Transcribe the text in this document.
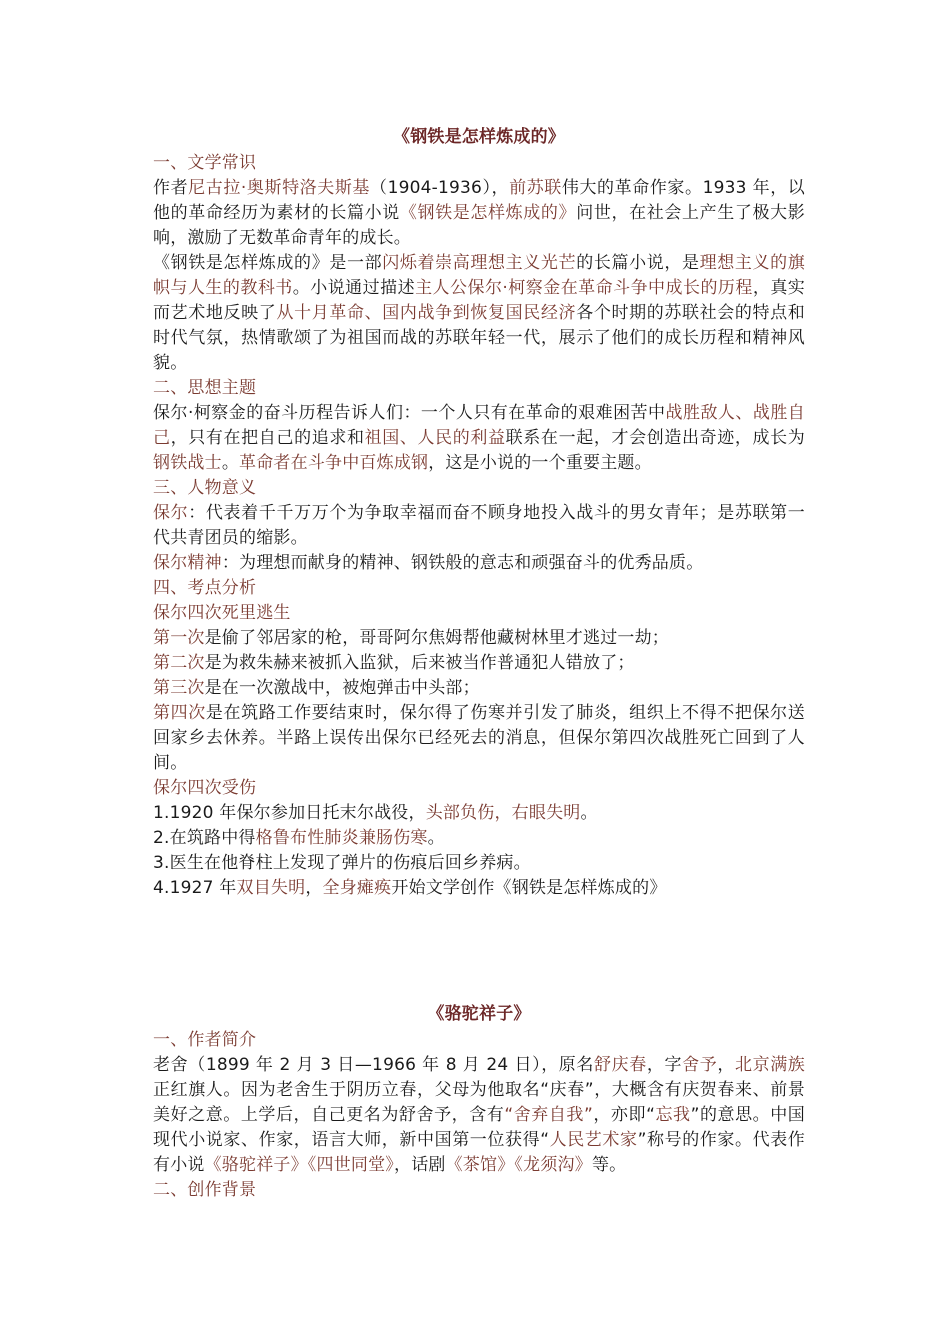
《钢铁是怎样炼成的》
一、文学常识

作者尼古拉·奥斯特洛夫斯基（1904-1936），前苏联伟大的革命作家。1933 年，以他的革命经历为素材的长篇小说《钢铁是怎样炼成的》问世，在社会上产生了极大影响，激励了无数革命青年的成长。

《钢铁是怎样炼成的》是一部闪烁着崇高理想主义光芒的长篇小说，是理想主义的旗帜与人生的教科书。小说通过描述主人公保尔·柯察金在革命斗争中成长的历程，真实而艺术地反映了从十月革命、国内战争到恢复国民经济各个时期的苏联社会的特点和时代气氛，热情歌颂了为祖国而战的苏联年轻一代，展示了他们的成长历程和精神风貌。

二、思想主题

保尔·柯察金的奋斗历程告诉人们：一个人只有在革命的艰难困苦中战胜敌人、战胜自己，只有在把自己的追求和祖国、人民的利益联系在一起，才会创造出奇迹，成长为钢铁战士。革命者在斗争中百炼成钢，这是小说的一个重要主题。

三、人物意义

保尔：代表着千千万万个为争取幸福而奋不顾身地投入战斗的男女青年；是苏联第一代共青团员的缩影。

保尔精神：为理想而献身的精神、钢铁般的意志和顽强奋斗的优秀品质。

四、考点分析
保尔四次死里逃生

第一次是偷了邻居家的枪，哥哥阿尔焦姆帮他藏树林里才逃过一劫；

第二次是为救朱赫来被抓入监狱，后来被当作普通犯人错放了；

第三次是在一次激战中，被炮弹击中头部；

第四次是在筑路工作要结束时，保尔得了伤寒并引发了肺炎，组织上不得不把保尔送回家乡去休养。半路上误传出保尔已经死去的消息，但保尔第四次战胜死亡回到了人间。

保尔四次受伤

1.1920 年保尔参加日托末尔战役，头部负伤，右眼失明。

2.在筑路中得格鲁布性肺炎兼肠伤寒。

3.医生在他脊柱上发现了弹片的伤痕后回乡养病。

4.1927 年双目失明，全身瘫痪开始文学创作《钢铁是怎样炼成的》

《骆驼祥子》
一、作者简介

老舍（1899 年 2 月 3 日—1966 年 8 月 24 日），原名舒庆春，字舍予，北京满族正红旗人。因为老舍生于阴历立春，父母为他取名“庆春”，大概含有庆贺春来、前景美好之意。上学后，自己更名为舒舍予，含有“舍弃自我”，亦即“忘我”的意思。中国现代小说家、作家，语言大师，新中国第一位获得“人民艺术家”称号的作家。代表作有小说《骆驼祥子》《四世同堂》，话剧《茶馆》《龙须沟》等。

二、创作背景
